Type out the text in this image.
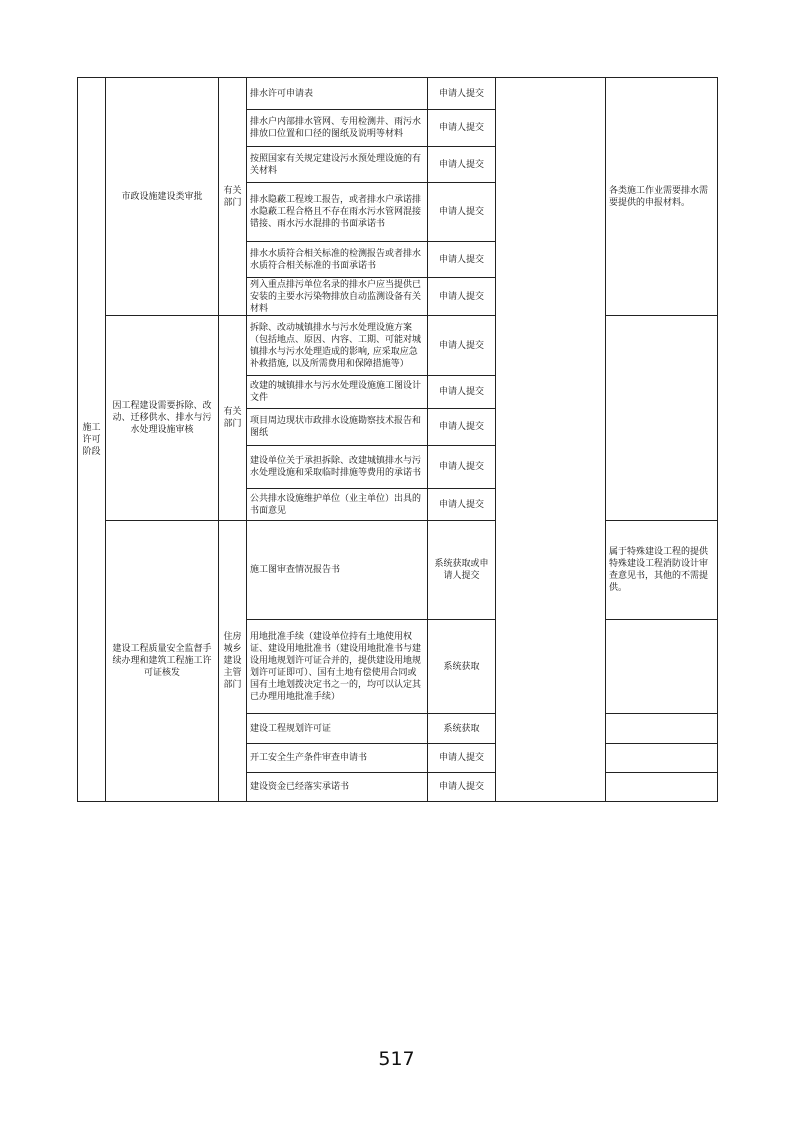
施工许可阶段	市政设施建设类审批	有关部门	排水许可申请表	申请人提交		各类施工作业需要排水需要提供的申报材料。
			排水户内部排水管网、专用检测井、雨污水排放口位置和口径的图纸及说明等材料	申请人提交		
			按照国家有关规定建设污水预处理设施的有关材料	申请人提交		
			排水隐蔽工程竣工报告，或者排水户承诺排水隐蔽工程合格且不存在雨水污水管网混接错接、雨水污水混排的书面承诺书	申请人提交		
			排水水质符合相关标准的检测报告或者排水水质符合相关标准的书面承诺书	申请人提交		
			列入重点排污单位名录的排水户应当提供已安装的主要水污染物排放自动监测设备有关材料	申请人提交		
	因工程建设需要拆除、改动、迁移供水、排水与污水处理设施审核	有关部门	拆除、改动城镇排水与污水处理设施方案（包括地点、原因、内容、工期、可能对城镇排水与污水处理造成的影响, 应采取应急补救措施, 以及所需费用和保障措施等）	申请人提交		
			改建的城镇排水与污水处理设施施工图设计文件	申请人提交		
			项目周边现状市政排水设施勘察技术报告和图纸	申请人提交		
			建设单位关于承担拆除、改建城镇排水与污水处理设施和采取临时排施等费用的承诺书	申请人提交		
			公共排水设施维护单位（业主单位）出具的书面意见	申请人提交		
	建设工程质量安全监督手续办理和建筑工程施工许可证核发	住房城乡建设主管部门	施工图审查情况报告书	系统获取或申请人提交		属于特殊建设工程的提供特殊建设工程消防设计审查意见书，其他的不需提供。
			用地批准手续（建设单位持有土地使用权证、建设用地批准书（建设用地批准书与建设用地规划许可证合并的，提供建设用地规划许可证即可）、国有土地有偿使用合同或国有土地划拨决定书之一的，均可以认定其已办理用地批准手续）	系统获取		
			建设工程规划许可证	系统获取		
			开工安全生产条件审查申请书	申请人提交		
			建设资金已经落实承诺书	申请人提交		
517
